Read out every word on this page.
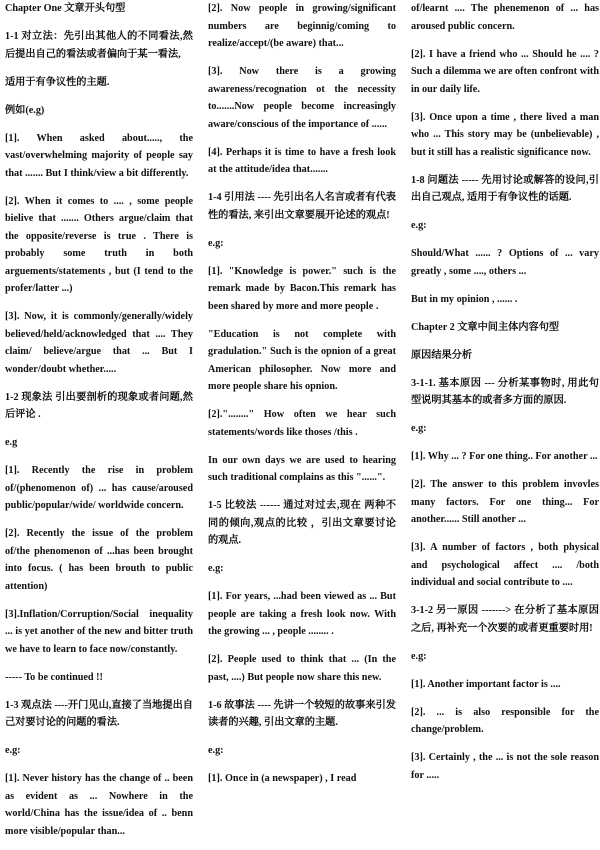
Chapter One 文章开头句型

1-1 对立法：先引出其他人的不同看法,然后提出自己的看法或者偏向于某一看法,

适用于有争议性的主题.

例如(e.g)

[1]. When asked about....., the vast/overwhelming majority of people say that ....... But I think/view a bit differently.

[2]. When it comes to .... , some people bielive that ....... Others argue/claim that the opposite/reverse is true . There is probably some truth in both arguements/statements , but (I tend to the profer/latter ...)

[3]. Now, it is commonly/generally/widely believed/held/acknowledged that .... They claim/ believe/argue that ... But I wonder/doubt whether.....

1-2 现象法 引出要剖析的现象或者问题,然后评论 .

e.g

[1]. Recently the rise in problem of/(phenomenon of) ... has cause/aroused public/popular/wide/ worldwide concern.

[2]. Recently the issue of the problem of/the phenomenon of ...has been brought into focus. ( has been brouth to public attention)

[3].Inflation/Corruption/Social inequality ... is yet another of the new and bitter truth we have to learn to face now/constantly.

----- To be continued !!

1-3 观点法 ----开门见山,直接了当地提出自己对要讨论的问题的看法.

e.g:

[1]. Never history has the change of .. been as evident as ... Nowhere in the world/China has the issue/idea of .. benn more visible/popular than...

[2]. Now people in growing/significant numbers are beginnig/coming to realize/accept/(be aware) that...

[3]. Now there is a growing awareness/recognation ot the necessity to.......Now people become increasingly aware/conscious of the importance of ......

[4]. Perhaps it is time to have a fresh look at the attitude/idea that.......

1-4 引用法 ---- 先引出名人名言或者有代表性的看法, 来引出文章要展开论述的观点!

e.g:

[1]. "Knowledge is power." such is the remark made by Bacon.This remark has been shared by more and more people .

"Education is not complete with gradulation." Such is the opnion of a great American philosopher. Now more and more people share his opnion.

[2]."........" How often we hear such statements/words like thoses /this .

In our own days we are used to hearing such traditional complains as this "......".

1-5 比较法 ------ 通过对过去,现在 两种不同的倾向,观点的比较 ，引出文章要讨论的观点.

e.g:

[1]. For years, ...had been viewed as ... But people are taking a fresh look now. With the growing ... , people ........ .

[2]. People used to think that ... (In the past, ....) But people now share this new.

1-6 故事法 ---- 先讲一个较短的故事来引发读者的兴趣, 引出文章的主题.

e.g:

[1]. Once in (a newspaper) , I read

of/learnt .... The phenemenon of ... has aroused public concern.

[2]. I have a friend who ... Should he .... ? Such a dilemma we are often confront with in our daily life.

[3]. Once upon a time , there lived a man who ... This story may be (unbelievable) , but it still has a realistic significance now.

1-8 问题法 ----- 先用讨论或解答的设问,引出自己观点, 适用于有争议性的话题.

e.g:

Should/What ...... ? Options of ... vary greatly , some ...., others ...

But in my opinion , ...... .

Chapter 2 文章中间主体内容句型

原因结果分析

3-1-1. 基本原因 --- 分析某事物时, 用此句型说明其基本的或者多方面的原因.

e.g:

[1]. Why ... ? For one thing.. For another ...

[2]. The answer to this problem invovles many factors. For one thing... For another...... Still another ...

[3]. A number of factors , both physical and psychological affect .... /both individual and social contribute to ....

3-1-2 另一原因 -------> 在分析了基本原因之后, 再补充一个次要的或者更重要时用!

e.g:

[1]. Another important factor is ....

[2]. ... is also responsible for the change/problem.

[3]. Certainly , the ... is not the sole reason for .....
